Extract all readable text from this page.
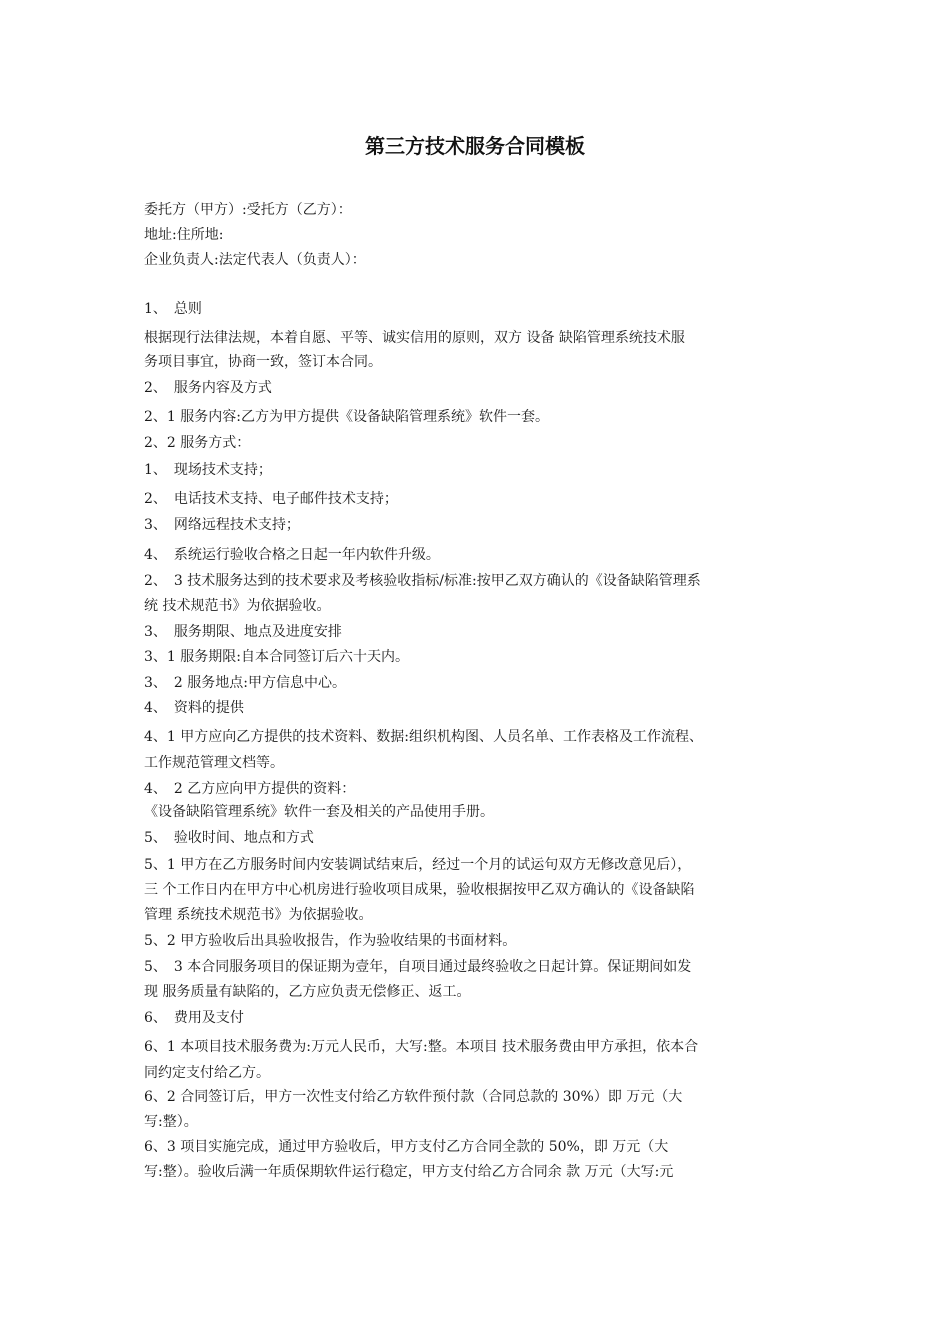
第三方技术服务合同模板
委托方（甲方）:受托方（乙方）：
地址:住所地:
企业负责人:法定代表人（负责人）：
1、　总则
根据现行法律法规，本着自愿、平等、诚实信用的原则，双方 设备 缺陷管理系统技术服
务项目事宜，协商一致，签订本合同。
2、　服务内容及方式
2、1 服务内容:乙方为甲方提供《设备缺陷管理系统》软件一套。
2、2 服务方式：
1、　现场技术支持；
2、　电话技术支持、电子邮件技术支持；
3、　网络远程技术支持；
4、　系统运行验收合格之日起一年内软件升级。
2、　3 技术服务达到的技术要求及考核验收指标/标准:按甲乙双方确认的《设备缺陷管理系
统 技术规范书》为依据验收。
3、　服务期限、地点及进度安排
3、1 服务期限:自本合同签订后六十天内。
3、　2 服务地点:甲方信息中心。
4、　资料的提供
4、1 甲方应向乙方提供的技术资料、数据:组织机构图、人员名单、工作表格及工作流程、
工作规范管理文档等。
4、　2 乙方应向甲方提供的资料：
《设备缺陷管理系统》软件一套及相关的产品使用手册。
5、　验收时间、地点和方式
5、1 甲方在乙方服务时间内安装调试结束后，经过一个月的试运句双方无修改意见后），
三 个工作日内在甲方中心机房进行验收项目成果，验收根据按甲乙双方确认的《设备缺陷
管理 系统技术规范书》为依据验收。
5、2 甲方验收后出具验收报告，作为验收结果的书面材料。
5、　3 本合同服务项目的保证期为壹年，自项目通过最终验收之日起计算。保证期间如发
现 服务质量有缺陷的，乙方应负责无偿修正、返工。
6、　费用及支付
6、1 本项目技术服务费为:万元人民币，大写:整。本项目 技术服务费由甲方承担，依本合
同约定支付给乙方。
6、2 合同签订后，甲方一次性支付给乙方软件预付款（合同总款的 30%）即 万元（大
写:整）。
6、3 项目实施完成，通过甲方验收后，甲方支付乙方合同全款的 50%，即 万元（大
写:整）。验收后满一年质保期软件运行稳定，甲方支付给乙方合同余 款 万元（大写:元
